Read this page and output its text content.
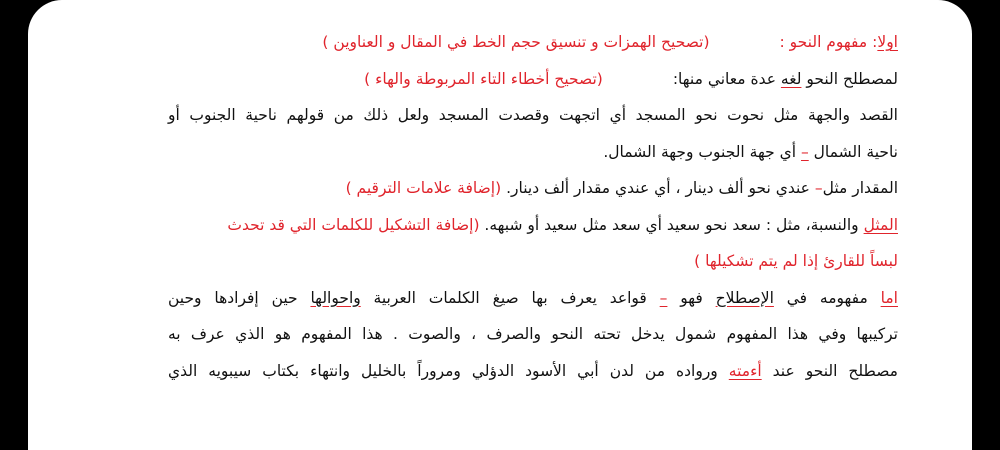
اولا: مفهوم النحو :(تصحيح الهمزات و تنسيق حجم الخط في المقال و العناوين )
لمصطلح النحو لغه عدة معاني منها:(تصحيح أخطاء التاء المربوطة والهاء )
القصد والجهة مثل نحوت نحو المسجد أي اتجهت وقصدت المسجد ولعل ذلك من قولهم ناحية الجنوب أو
ناحية الشمال – أي جهة الجنوب وجهة الشمال.
المقدار مثل– عندي نحو ألف دينار ، أي عندي مقدار ألف دينار. (إضافة علامات الترقيم )
المثل والنسبة، مثل : سعد نحو سعيد أي سعد مثل سعيد أو شبهه. (إضافة التشكيل للكلمات التي قد تحدث
لبساً للقارئ إذا لم يتم تشكيلها )
اما مفهومه في الإصطلاح فهو – قواعد يعرف بها صيغ الكلمات العربية واحوالها حين إفرادها وحين
تركيبها وفي هذا المفهوم شمول يدخل تحته النحو والصرف ، والصوت . هذا المفهوم هو الذي عرف به
مصطلح النحو عند أءمته ورواده من لدن أبي الأسود الدؤلي ومروراً بالخليل وانتهاء بكتاب سيبويه الذي
